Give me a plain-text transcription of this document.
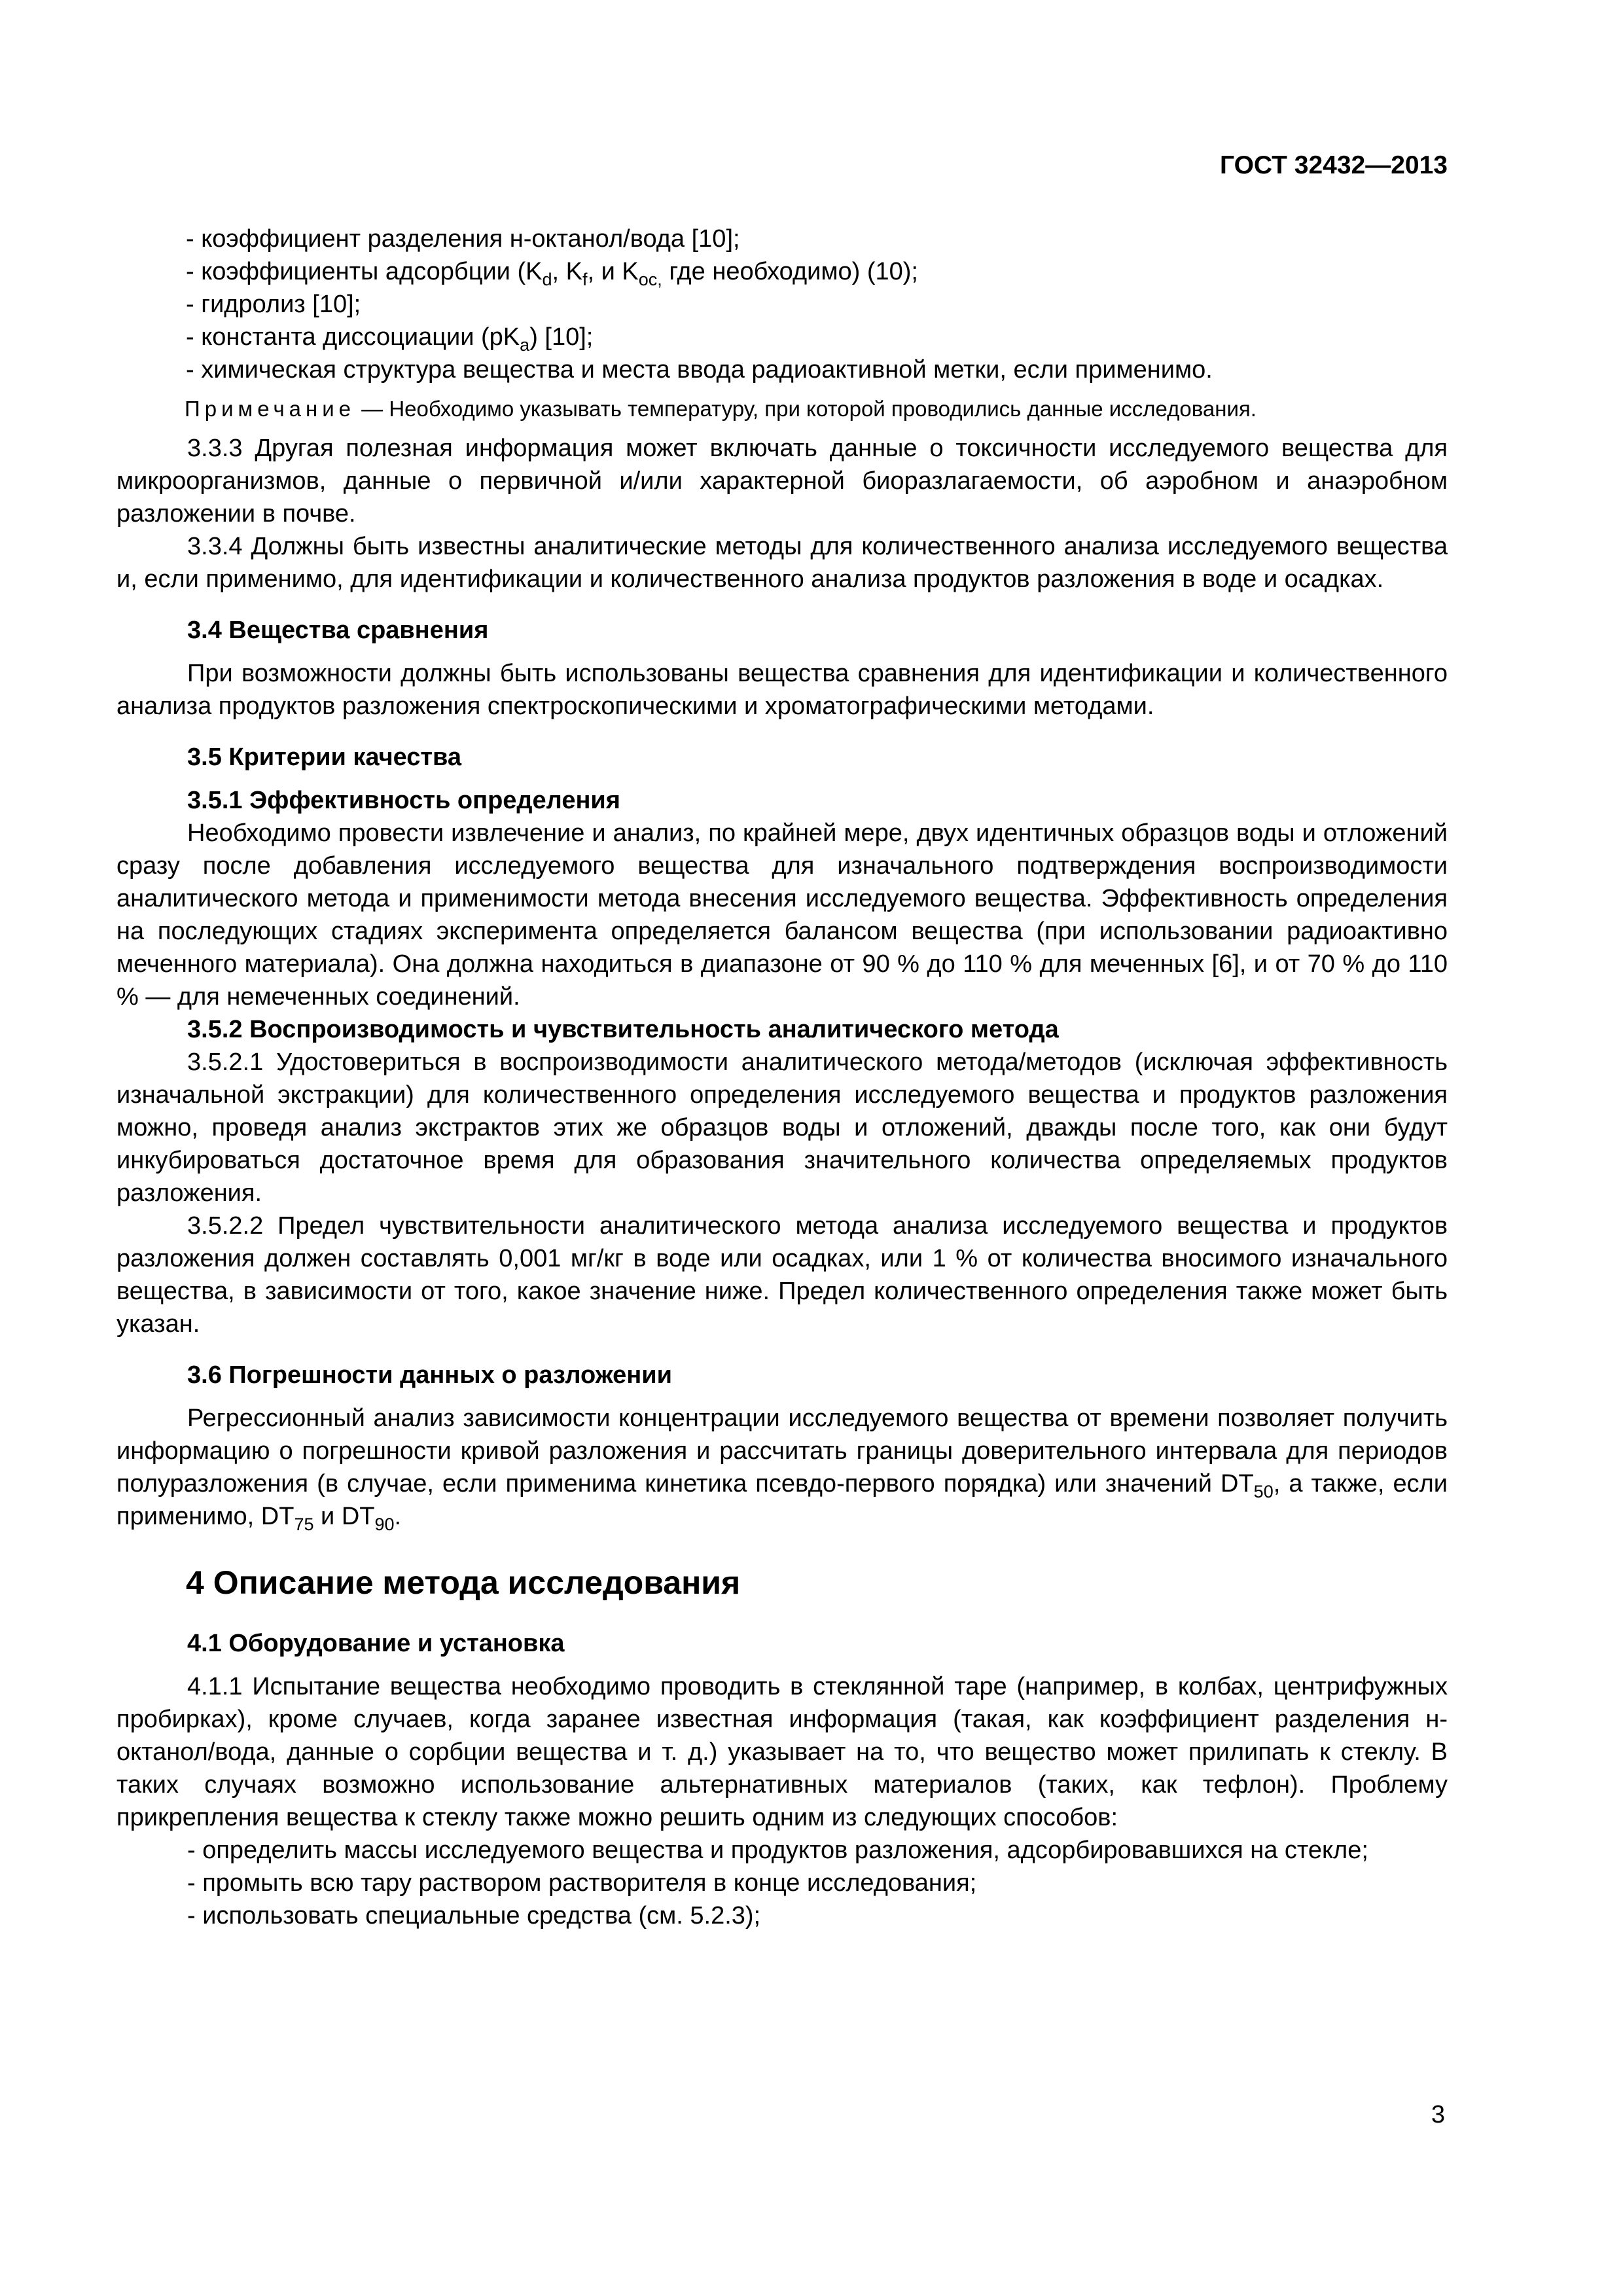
ГОСТ 32432—2013

- коэффициент разделения н-октанол/вода [10];

- коэффициенты адсорбции ($K_d$, $K_f$, и $K_{oc,}$ где необходимо) (10);

- гидролиз [10];

- константа диссоциации $(pK_a)$ [10];

- химическая структура вещества и места ввода радиоактивной метки, если применимо.

Примечание — Необходимо указывать температуру, при которой проводились данные исследования.

3.3.3 Другая полезная информация может включать данные о токсичности исследуемого вещества для микроорганизмов, данные о первичной и/или характерной биоразлагаемости, об аэробном и анаэробном разложении в почве.

3.3.4 Должны быть известны аналитические методы для количественного анализа исследуемого вещества и, если применимо, для идентификации и количественного анализа продуктов разложения в воде и осадках.

3.4 Вещества сравнения

При возможности должны быть использованы вещества сравнения для идентификации и количественного анализа продуктов разложения спектроскопическими и хроматографическими методами.

3.5 Критерии качества
3.5.1 Эффективность определения

Необходимо провести извлечение и анализ, по крайней мере, двух идентичных образцов воды и отложений сразу после добавления исследуемого вещества для изначального подтверждения воспроизводимости аналитического метода и применимости метода внесения исследуемого вещества. Эффективность определения на последующих стадиях эксперимента определяется балансом вещества (при использовании радиоактивно меченного материала). Она должна находиться в диапазоне от 90 % до 110 % для меченных [6], и от 70 % до 110 % — для немеченных соединений.

3.5.2 Воспроизводимость и чувствительность аналитического метода

3.5.2.1 Удостовериться в воспроизводимости аналитического метода/методов (исключая эффективность изначальной экстракции) для количественного определения исследуемого вещества и продуктов разложения можно, проведя анализ экстрактов этих же образцов воды и отложений, дважды после того, как они будут инкубироваться достаточное время для образования значительного количества определяемых продуктов разложения.

3.5.2.2 Предел чувствительности аналитического метода анализа исследуемого вещества и продуктов разложения должен составлять 0,001 мг/кг в воде или осадках, или 1 % от количества вносимого изначального вещества, в зависимости от того, какое значение ниже. Предел количественного определения также может быть указан.

3.6 Погрешности данных о разложении

Регрессионный анализ зависимости концентрации исследуемого вещества от времени позволяет получить информацию о погрешности кривой разложения и рассчитать границы доверительного интервала для периодов полуразложения (в случае, если применима кинетика псевдо-первого порядка) или значений $DT_{50}$, а также, если применимо, $DT_{75}$ и $DT_{90}$.

4 Описание метода исследования
4.1 Оборудование и установка

4.1.1 Испытание вещества необходимо проводить в стеклянной таре (например, в колбах, центрифужных пробирках), кроме случаев, когда заранее известная информация (такая, как коэффициент разделения н-октанол/вода, данные о сорбции вещества и т. д.) указывает на то, что вещество может прилипать к стеклу. В таких случаях возможно использование альтернативных материалов (таких, как тефлон). Проблему прикрепления вещества к стеклу также можно решить одним из следующих способов:

- определить массы исследуемого вещества и продуктов разложения, адсорбировавшихся на стекле;

- промыть всю тару раствором растворителя в конце исследования;

- использовать специальные средства (см. 5.2.3);

3
